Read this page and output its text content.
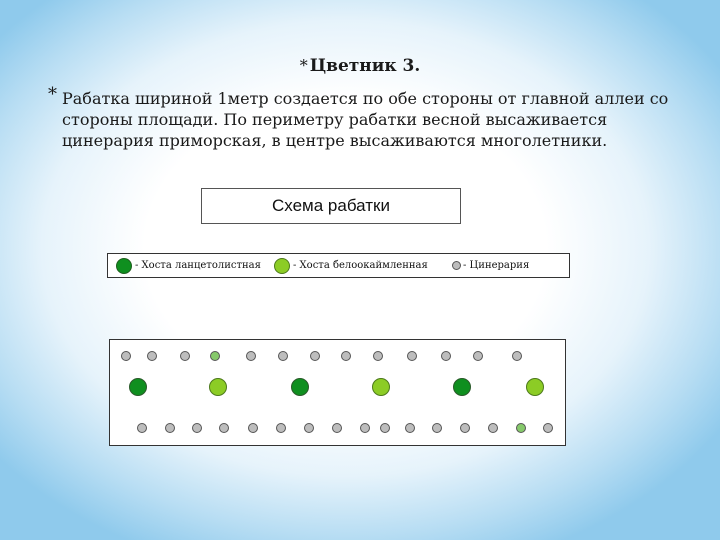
* Цветник 3.
* Рабатка шириной 1метр создается по обе стороны от главной аллеи со
стороны площади. По периметру рабатки весной высаживается
цинерария приморская, в центре высаживаются многолетники.
Схема рабатки
- Хоста ланцетолистная	- Хоста белоокаймленная	- Цинерария
